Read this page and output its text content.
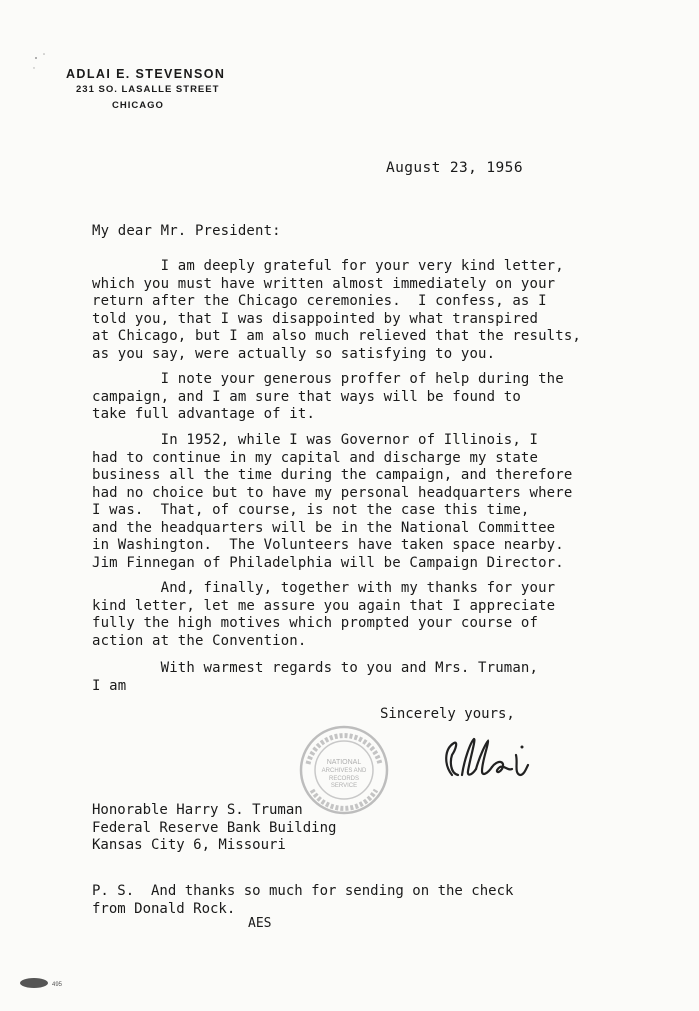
ADLAI E. STEVENSON
231 SO. LASALLE STREET
CHICAGO
August 23, 1956
My dear Mr. President:
I am deeply grateful for your very kind letter,
which you must have written almost immediately on your
return after the Chicago ceremonies.  I confess, as I
told you, that I was disappointed by what transpired
at Chicago, but I am also much relieved that the results,
as you say, were actually so satisfying to you.
I note your generous proffer of help during the
campaign, and I am sure that ways will be found to
take full advantage of it.
In 1952, while I was Governor of Illinois, I
had to continue in my capital and discharge my state
business all the time during the campaign, and therefore
had no choice but to have my personal headquarters where
I was.  That, of course, is not the case this time,
and the headquarters will be in the National Committee
in Washington.  The Volunteers have taken space nearby.
Jim Finnegan of Philadelphia will be Campaign Director.
And, finally, together with my thanks for your
kind letter, let me assure you again that I appreciate
fully the high motives which prompted your course of
action at the Convention.
With warmest regards to you and Mrs. Truman,
I am
Sincerely yours,
NATIONAL
ARCHIVES AND
RECORDS
SERVICE
Honorable Harry S. Truman
Federal Reserve Bank Building
Kansas City 6, Missouri
P. S.  And thanks so much for sending on the check
from Donald Rock.
AES
495
